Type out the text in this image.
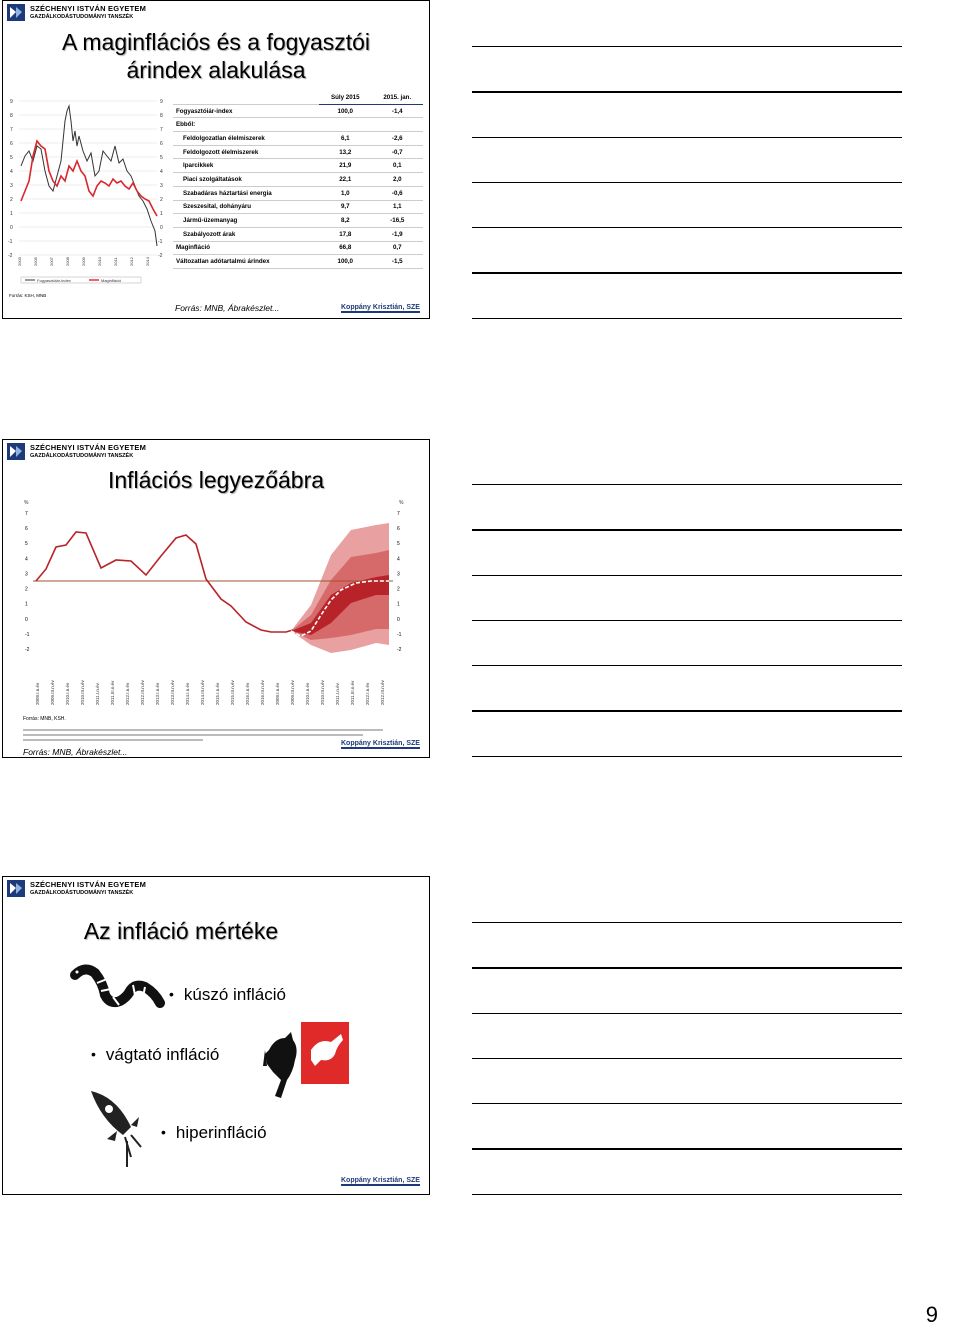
SZÉCHENYI ISTVÁN EGYETEM
GAZDÁLKODÁSTUDOMÁNYI TANSZÉK
A maginflációs és a fogyasztói
árindex alakulása
9
8
7
6
5
4
3
2
1
0
-1
-2
9
8
7
6
5
4
3
2
1
0
-1
-2
2003	2005	2007	2008	2009	2010	2011	2012	2014
Fogyasztóiár-index	Maginfláció
Forrás: KSH, MNB
	Súly 2015	2015. jan.
Fogyasztóiár-index	100,0	-1,4
Ebből:		
Feldolgozatlan élelmiszerek	6,1	-2,6
Feldolgozott élelmiszerek	13,2	-0,7
Iparcikkek	21,9	0,1
Piaci szolgáltatások	22,1	2,0
Szabadáras háztartási energia	1,0	-0,6
Szeszesital, dohányáru	9,7	1,1
Jármű-üzemanyag	8,2	-16,5
Szabályozott árak	17,8	-1,9
Maginfláció	66,8	0,7
Változatlan adótartalmú árindex	100,0	-1,5
Forrás: MNB, Ábrakészlet...	Koppány Krisztián, SZE
SZÉCHENYI ISTVÁN EGYETEM
GAZDÁLKODÁSTUDOMÁNYI TANSZÉK
Inflációs legyezőábra
%	%
-2	-2
-1	-1
0	0
1	1
2	2
3	3
4	4
5	5
6	6
7	7
2009.I.n.év 2009.III.n.év 2010.I.n.év 2010.III.n.év 2011.I.n.év 2011.III.n.év 2012.I.n.év 2012.III.n.év 2013.I.n.év 2013.III.n.év 2014.I.n.év 2014.III.n.év 2015.I.n.év 2015.III.n.év 2016.I.n.év 2016.III.n.év 2009.I.n.év 2009.III.n.év 2010.I.n.év 2010.III.n.év 2011.I.n.év 2011.III.n.év 2012.I.n.év 2012.III.n.év
Forrás: MNB, KSH.
Forrás: MNB, Ábrakészlet...
Koppány Krisztián, SZE
SZÉCHENYI ISTVÁN EGYETEM
GAZDÁLKODÁSTUDOMÁNYI TANSZÉK
Az infláció mértéke
• kúszó infláció
• vágtató infláció
• hiperinfláció
Koppány Krisztián, SZE
9
